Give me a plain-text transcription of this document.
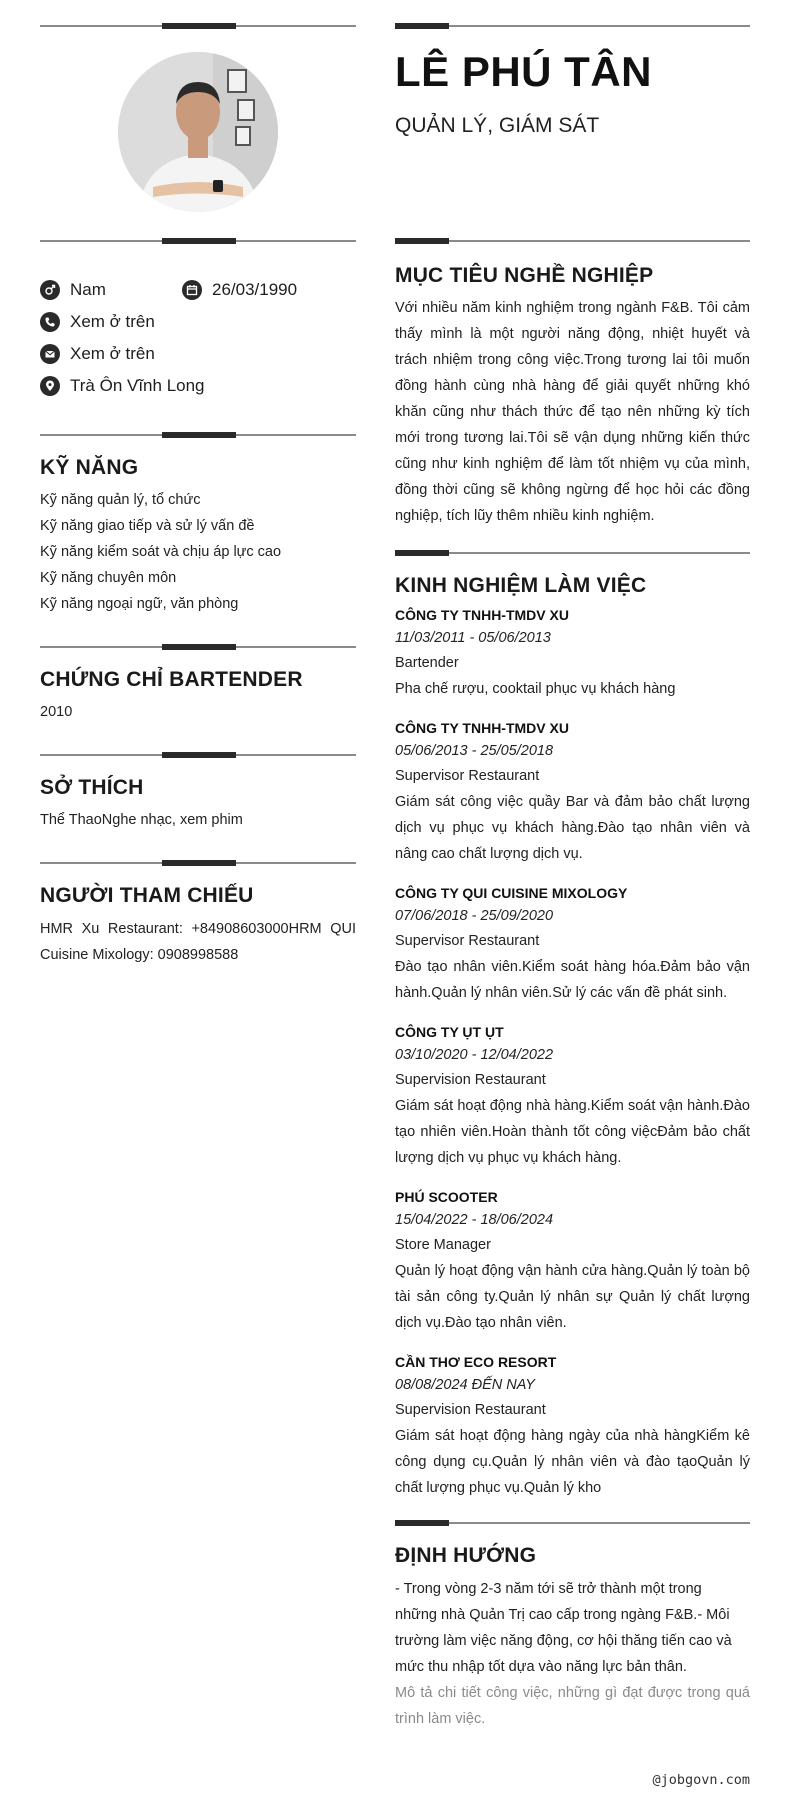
Nam	26/03/1990
Xem ở trên
Xem ở trên
Trà Ôn Vĩnh Long
KỸ NĂNG
Kỹ năng quản lý, tổ chức
Kỹ năng giao tiếp và sử lý vấn đề
Kỹ năng kiểm soát và chịu áp lực cao
Kỹ năng chuyên môn
Kỹ năng ngoại ngữ, văn phòng
CHỨNG CHỈ BARTENDER
2010
SỞ THÍCH
Thể ThaoNghe nhạc, xem phim
NGƯỜI THAM CHIẾU

HMR Xu Restaurant: +84908603000HRM QUI Cuisine Mixology: 0908998588

LÊ PHÚ TÂN
QUẢN LÝ, GIÁM SÁT
MỤC TIÊU NGHỀ NGHIỆP

Với nhiều năm kinh nghiệm trong ngành F&B. Tôi cảm thấy mình là một người năng động, nhiệt huyết và trách nhiệm trong công việc.Trong tương lai tôi muốn đồng hành cùng nhà hàng để giải quyết những khó khăn cũng như thách thức để tạo nên những kỳ tích mới trong tương lai.Tôi sẽ vận dụng những kiến thức cũng như kinh nghiệm để làm tốt nhiệm vụ của mình, đồng thời cũng sẽ không ngừng để học hỏi các đồng nghiệp, tích lũy thêm nhiều kinh nghiệm.

KINH NGHIỆM LÀM VIỆC
CÔNG TY TNHH-TMDV XU
11/03/2011 - 05/06/2013
Bartender
Pha chế rượu, cooktail phục vụ khách hàng
CÔNG TY TNHH-TMDV XU
05/06/2013 - 25/05/2018
Supervisor Restaurant
Giám sát công việc quầy Bar và đảm bảo chất lượng dịch vụ phục vụ khách hàng.Đào tạo nhân viên và nâng cao chất lượng dịch vụ.
CÔNG TY QUI CUISINE MIXOLOGY
07/06/2018 - 25/09/2020
Supervisor Restaurant
Đào tạo nhân viên.Kiểm soát hàng hóa.Đảm bảo vận hành.Quản lý nhân viên.Sử lý các vấn đề phát sinh.
CÔNG TY ỤT ỤT
03/10/2020 - 12/04/2022
Supervision Restaurant
Giám sát hoạt động nhà hàng.Kiểm soát vận hành.Đào tạo nhiên viên.Hoàn thành tốt công việcĐảm bảo chất lượng dịch vụ phục vụ khách hàng.
PHÚ SCOOTER
15/04/2022 - 18/06/2024
Store Manager
Quản lý hoạt động vận hành cửa hàng.Quản lý toàn bộ tài sản công ty.Quản lý nhân sự Quản lý chất lượng dịch vụ.Đào tạo nhân viên.
CẦN THƠ ECO RESORT
08/08/2024 ĐẾN NAY
Supervision Restaurant
Giám sát hoạt động hàng ngày của nhà hàngKiểm kê công dụng cụ.Quản lý nhân viên và đào tạoQuản lý chất lượng phục vụ.Quản lý kho
ĐỊNH HƯỚNG

- Trong vòng 2-3 năm tới sẽ trở thành một trong những nhà Quản Trị cao cấp trong ngàng F&B.- Môi trường làm việc năng động, cơ hội thăng tiến cao và mức thu nhập tốt dựa vào năng lực bản thân.

Mô tả chi tiết công việc, những gì đạt được trong quá trình làm việc.

@jobgovn.com
